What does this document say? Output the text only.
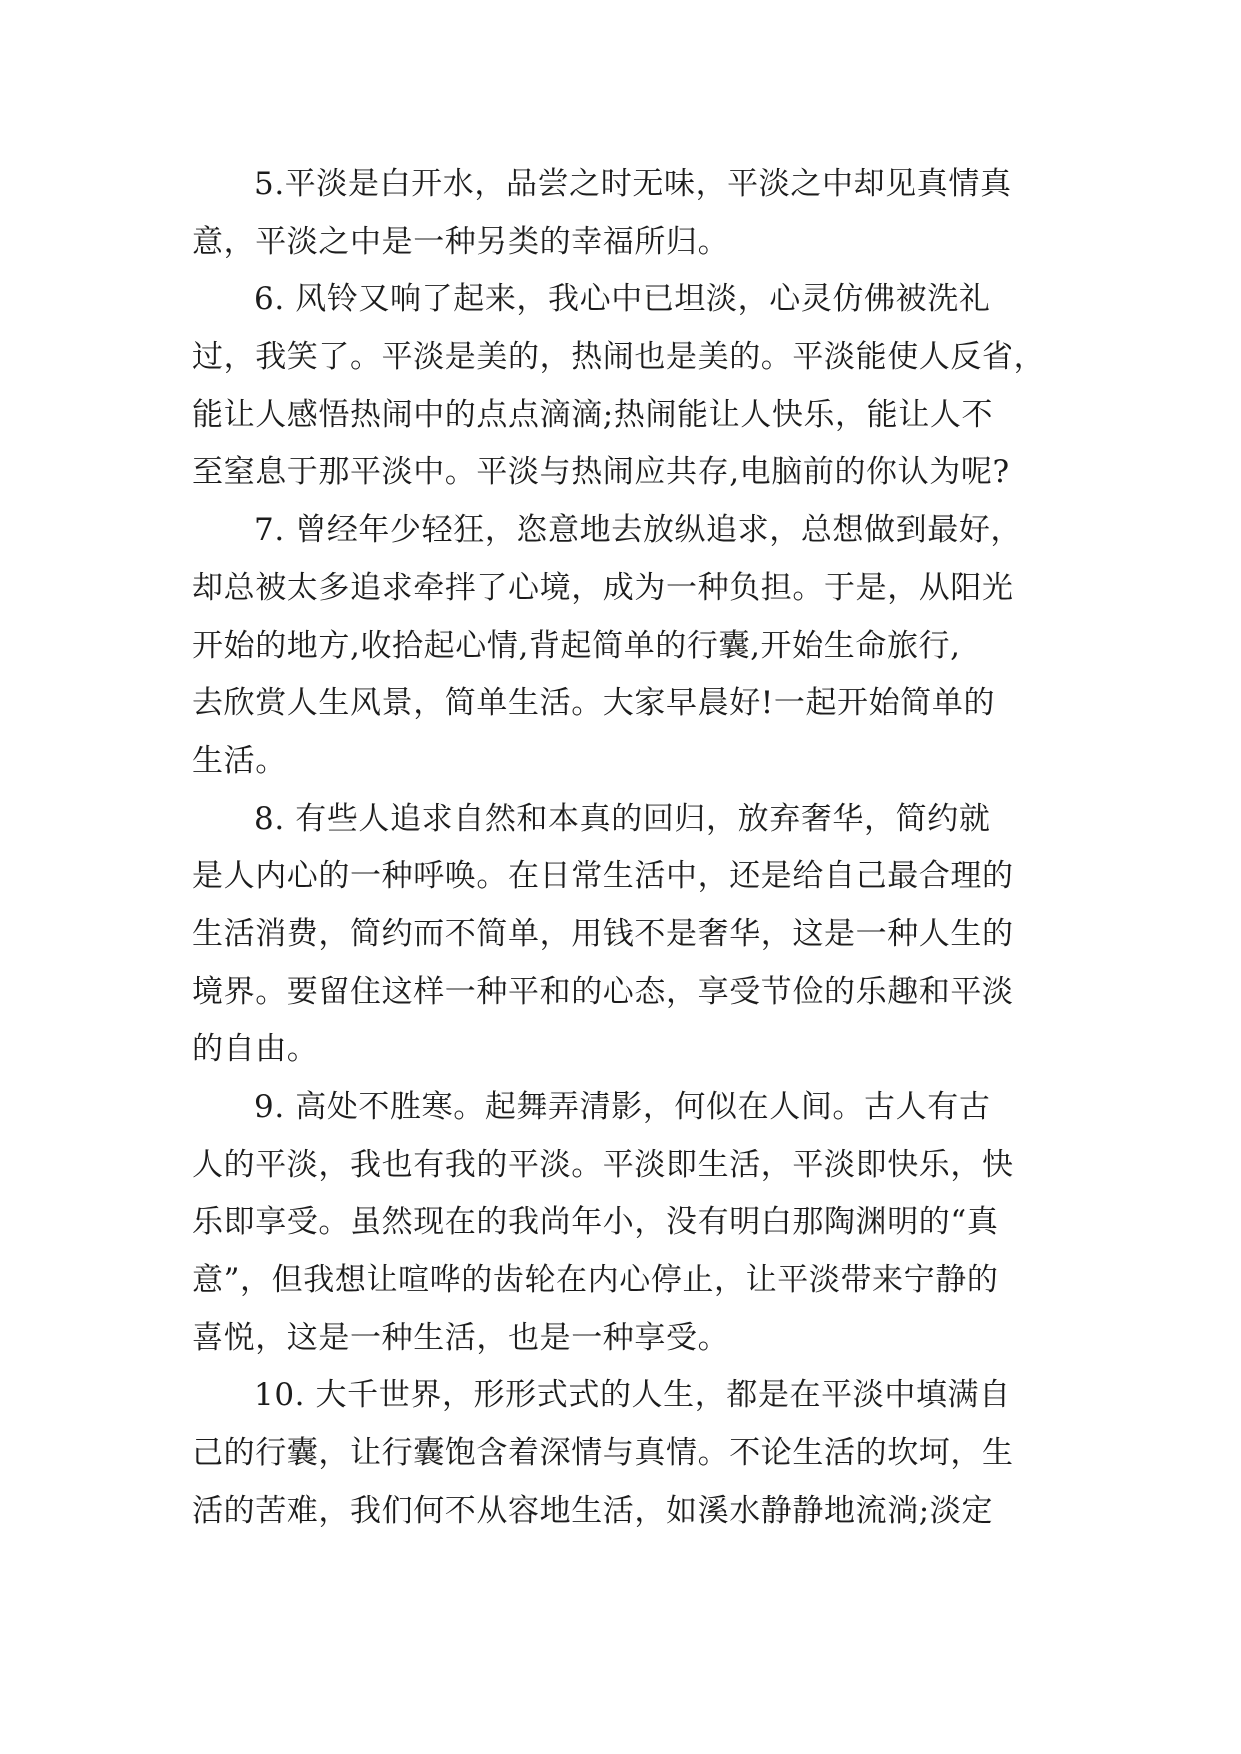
5.平淡是白开水，品尝之时无味，平淡之中却见真情真
意，平淡之中是一种另类的幸福所归。
6. 风铃又响了起来，我心中已坦淡，心灵仿佛被洗礼
过，我笑了。平淡是美的，热闹也是美的。平淡能使人反省，
能让人感悟热闹中的点点滴滴;热闹能让人快乐，能让人不
至窒息于那平淡中。平淡与热闹应共存,电脑前的你认为呢?
7. 曾经年少轻狂，恣意地去放纵追求，总想做到最好，
却总被太多追求牵拌了心境，成为一种负担。于是，从阳光
开始的地方,收拾起心情,背起简单的行囊,开始生命旅行,
去欣赏人生风景，简单生活。大家早晨好!一起开始简单的
生活。
8. 有些人追求自然和本真的回归，放弃奢华，简约就
是人内心的一种呼唤。在日常生活中，还是给自己最合理的
生活消费，简约而不简单，用钱不是奢华，这是一种人生的
境界。要留住这样一种平和的心态，享受节俭的乐趣和平淡
的自由。
9. 高处不胜寒。起舞弄清影，何似在人间。古人有古
人的平淡，我也有我的平淡。平淡即生活，平淡即快乐，快
乐即享受。虽然现在的我尚年小，没有明白那陶渊明的“真
意”，但我想让喧哗的齿轮在内心停止，让平淡带来宁静的
喜悦，这是一种生活，也是一种享受。
10. 大千世界，形形式式的人生，都是在平淡中填满自
己的行囊，让行囊饱含着深情与真情。不论生活的坎坷，生
活的苦难，我们何不从容地生活，如溪水静静地流淌;淡定
